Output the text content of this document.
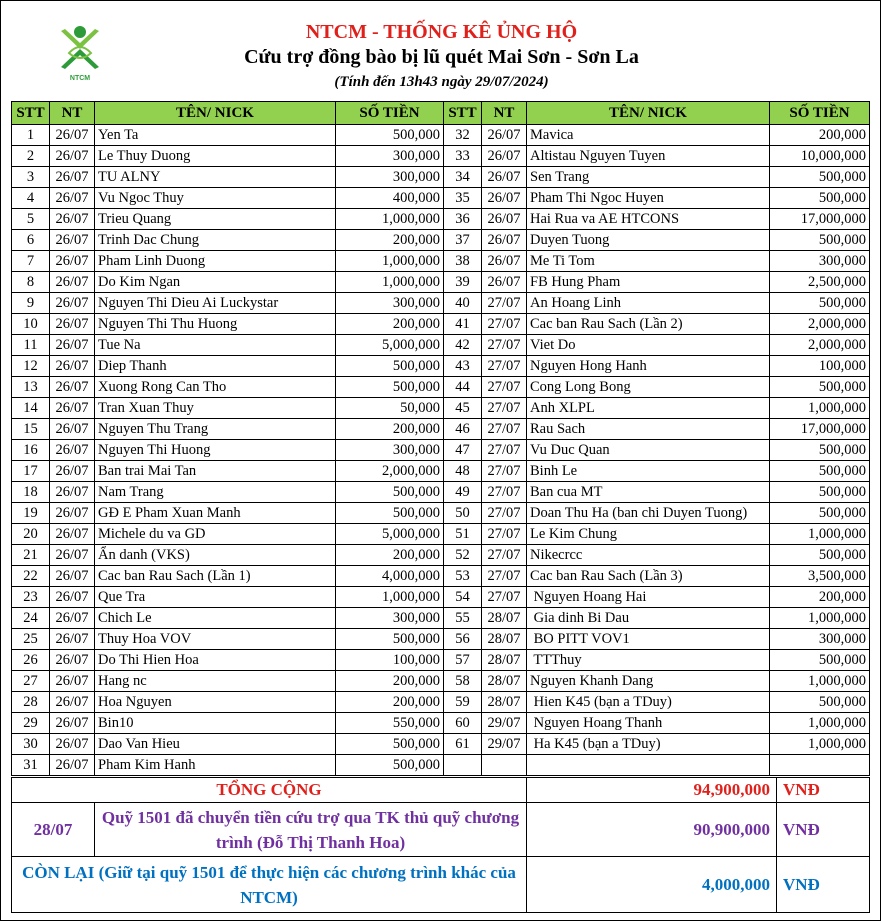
NTCM
NTCM - THỐNG KÊ ỦNG HỘ
Cứu trợ đồng bào bị lũ quét Mai Sơn - Sơn La
(Tính đến 13h43 ngày 29/07/2024)
STT	NT	TÊN/ NICK	SỐ TIỀN	STT	NT	TÊN/ NICK	SỐ TIỀN
1	26/07	Yen Ta	500,000	32	26/07	Mavica	200,000
2	26/07	Le Thuy Duong	300,000	33	26/07	Altistau Nguyen Tuyen	10,000,000
3	26/07	TU ALNY	300,000	34	26/07	Sen Trang	500,000
4	26/07	Vu Ngoc Thuy	400,000	35	26/07	Pham Thi Ngoc Huyen	500,000
5	26/07	Trieu Quang	1,000,000	36	26/07	Hai Rua va AE HTCONS	17,000,000
6	26/07	Trinh Dac Chung	200,000	37	26/07	Duyen Tuong	500,000
7	26/07	Pham Linh Duong	1,000,000	38	26/07	Me Ti Tom	300,000
8	26/07	Do Kim Ngan	1,000,000	39	26/07	FB Hung Pham	2,500,000
9	26/07	Nguyen Thi Dieu Ai Luckystar	300,000	40	27/07	An Hoang Linh	500,000
10	26/07	Nguyen Thi Thu Huong	200,000	41	27/07	Cac ban Rau Sach (Lần 2)	2,000,000
11	26/07	Tue Na	5,000,000	42	27/07	Viet Do	2,000,000
12	26/07	Diep Thanh	500,000	43	27/07	Nguyen Hong Hanh	100,000
13	26/07	Xuong Rong Can Tho	500,000	44	27/07	Cong Long Bong	500,000
14	26/07	Tran Xuan Thuy	50,000	45	27/07	Anh XLPL	1,000,000
15	26/07	Nguyen Thu Trang	200,000	46	27/07	Rau Sach	17,000,000
16	26/07	Nguyen Thi Huong	300,000	47	27/07	Vu Duc Quan	500,000
17	26/07	Ban trai Mai Tan	2,000,000	48	27/07	Binh Le	500,000
18	26/07	Nam Trang	500,000	49	27/07	Ban cua MT	500,000
19	26/07	GĐ E Pham Xuan Manh	500,000	50	27/07	Doan Thu Ha (ban chi Duyen Tuong)	500,000
20	26/07	Michele du va GD	5,000,000	51	27/07	Le Kim Chung	1,000,000
21	26/07	Ẩn danh (VKS)	200,000	52	27/07	Nikecrcc	500,000
22	26/07	Cac ban Rau Sach (Lần 1)	4,000,000	53	27/07	Cac ban Rau Sach (Lần 3)	3,500,000
23	26/07	Que Tra	1,000,000	54	27/07	Nguyen Hoang Hai	200,000
24	26/07	Chich Le	300,000	55	28/07	Gia dinh Bi Dau	1,000,000
25	26/07	Thuy Hoa VOV	500,000	56	28/07	BO PITT VOV1	300,000
26	26/07	Do Thi Hien Hoa	100,000	57	28/07	TTThuy	500,000
27	26/07	Hang nc	200,000	58	28/07	Nguyen Khanh Dang	1,000,000
28	26/07	Hoa Nguyen	200,000	59	28/07	Hien K45 (bạn a TDuy)	500,000
29	26/07	Bin10	550,000	60	29/07	Nguyen Hoang Thanh	1,000,000
30	26/07	Dao Van Hieu	500,000	61	29/07	Ha K45 (bạn a TDuy)	1,000,000
31	26/07	Pham Kim Hanh	500,000				
TỔNG CỘNG		94,900,000	VNĐ
28/07	Quỹ 1501 đã chuyển tiền cứu trợ qua TK thủ quỹ chương trình (Đỗ Thị Thanh Hoa)	90,900,000	VNĐ
CÒN LẠI (Giữ tại quỹ 1501 để thực hiện các chương trình khác của NTCM)		4,000,000	VNĐ
